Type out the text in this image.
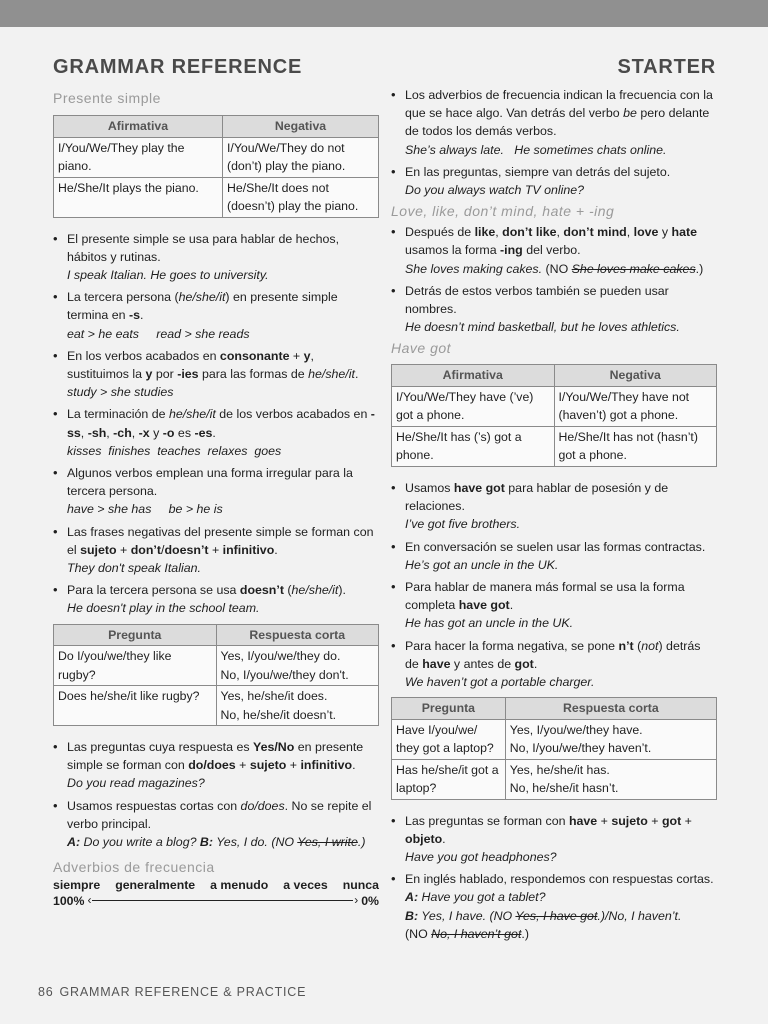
GRAMMAR REFERENCE	STARTER
Presente simple
Afirmativa	Negativa
I/You/We/They play the piano.	I/You/We/They do not (don’t) play the piano.
He/She/It plays the piano.	He/She/It does not (doesn’t) play the piano.
• El presente simple se usa para hablar de hechos, hábitos y rutinas.
I speak Italian. He goes to university.
• La tercera persona (he/she/it) en presente simple termina en -s.
eat > he eats     read > she reads
• En los verbos acabados en consonante + y, sustituimos la y por -ies para las formas de he/she/it.
study > she studies
• La terminación de he/she/it de los verbos acabados en -ss, -sh, -ch, -x y -o es -es.
kisses  finishes  teaches  relaxes  goes
• Algunos verbos emplean una forma irregular para la tercera persona.
have > she has     be > he is
• Las frases negativas del presente simple se forman con el sujeto + don’t/doesn’t + infinitivo.
They don't speak Italian.
• Para la tercera persona se usa doesn’t (he/she/it).
He doesn't play in the school team.
Pregunta	Respuesta corta
Do I/you/we/they like rugby?	Yes, I/you/we/they do.
No, I/you/we/they don't.
Does he/she/it like rugby?	Yes, he/she/it does.
No, he/she/it doesn’t.
• Las preguntas cuya respuesta es Yes/No en presente simple se forman con do/does + sujeto + infinitivo.
Do you read magazines?
• Usamos respuestas cortas con do/does. No se repite el verbo principal.
A: Do you write a blog? B: Yes, I do. (NO Yes, I write.)
Adverbios de frecuencia
siempre generalmente a menudo a veces nunca
100% ‹	› 0%
• Los adverbios de frecuencia indican la frecuencia con la que se hace algo. Van detrás del verbo be pero delante de todos los demás verbos.
She’s always late.   He sometimes chats online.
• En las preguntas, siempre van detrás del sujeto.
Do you always watch TV online?
Love, like, don’t mind, hate + -ing
• Después de like, don’t like, don’t mind, love y hate usamos la forma -ing del verbo.
She loves making cakes. (NO She loves make cakes.)
• Detrás de estos verbos también se pueden usar nombres.
He doesn’t mind basketball, but he loves athletics.
Have got
Afirmativa	Negativa
I/You/We/They have (’ve) got a phone.	I/You/We/They have not (haven’t) got a phone.
He/She/It has (’s) got a phone.	He/She/It has not (hasn’t) got a phone.
• Usamos have got para hablar de posesión y de relaciones.
I’ve got five brothers.
• En conversación se suelen usar las formas contractas.
He’s got an uncle in the UK.
• Para hablar de manera más formal se usa la forma completa have got.
He has got an uncle in the UK.
• Para hacer la forma negativa, se pone n’t (not) detrás de have y antes de got.
We haven’t got a portable charger.
Pregunta	Respuesta corta
Have I/you/we/ they got a laptop?	Yes, I/you/we/they have.
No, I/you/we/they haven’t.
Has he/she/it got a laptop?	Yes, he/she/it has.
No, he/she/it hasn’t.
• Las preguntas se forman con have + sujeto + got + objeto.
Have you got headphones?
• En inglés hablado, respondemos con respuestas cortas.
A: Have you got a tablet?
B: Yes, I have. (NO Yes, I have got.)/No, I haven’t.
(NO No, I haven’t got.)
86 GRAMMAR REFERENCE & PRACTICE
